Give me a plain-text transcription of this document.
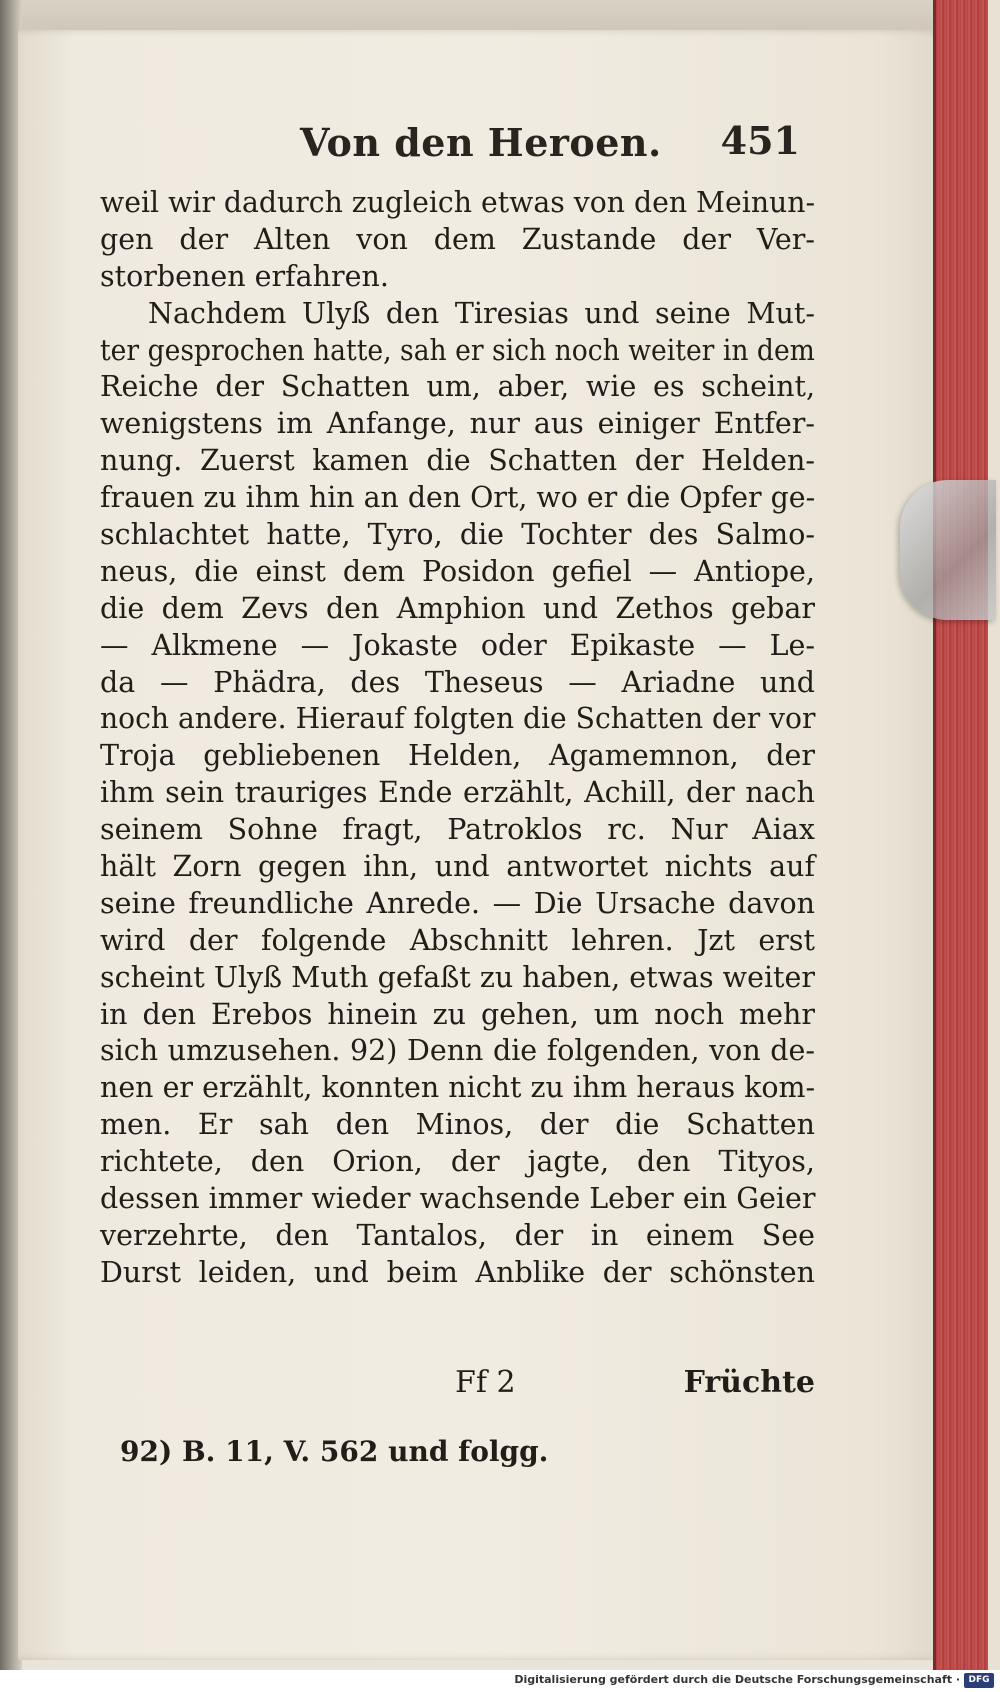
Von den Heroen. 451
weil wir dadurch zugleich etwas von den Meinun-
gen der Alten von dem Zustande der Ver-
storbenen erfahren.
Nachdem Ulyß den Tiresias und seine Mut-
ter gesprochen hatte, sah er sich noch weiter in dem
Reiche der Schatten um, aber, wie es scheint,
wenigstens im Anfange, nur aus einiger Entfer-
nung. Zuerst kamen die Schatten der Helden-
frauen zu ihm hin an den Ort, wo er die Opfer ge-
schlachtet hatte, Tyro, die Tochter des Salmo-
neus, die einst dem Posidon gefiel — Antiope,
die dem Zevs den Amphion und Zethos gebar
— Alkmene — Jokaste oder Epikaste — Le-
da — Phädra, des Theseus — Ariadne und
noch andere. Hierauf folgten die Schatten der vor
Troja gebliebenen Helden, Agamemnon, der
ihm sein trauriges Ende erzählt, Achill, der nach
seinem Sohne fragt, Patroklos rc. Nur Aiax
hält Zorn gegen ihn, und antwortet nichts auf
seine freundliche Anrede. — Die Ursache davon
wird der folgende Abschnitt lehren. Jzt erst
scheint Ulyß Muth gefaßt zu haben, etwas weiter
in den Erebos hinein zu gehen, um noch mehr
sich umzusehen. 92) Denn die folgenden, von de-
nen er erzählt, konnten nicht zu ihm heraus kom-
men. Er sah den Minos, der die Schatten
richtete, den Orion, der jagte, den Tityos,
dessen immer wieder wachsende Leber ein Geier
verzehrte, den Tantalos, der in einem See
Durst leiden, und beim Anblike der schönsten
Ff 2	Früchte
92) B. 11, V. 562 und folgg.
Digitalisierung gefördert durch die Deutsche Forschungsgemeinschaft · DFG
